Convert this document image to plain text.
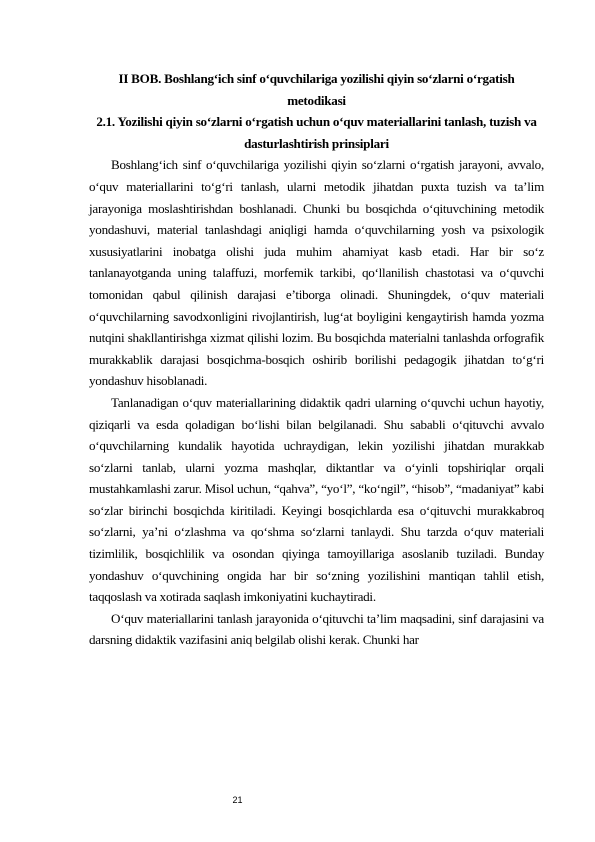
II BOB. Boshlang‘ich sinf o‘quvchilariga yozilishi qiyin so‘zlarni o‘rgatish metodikasi
2.1. Yozilishi qiyin so‘zlarni o‘rgatish uchun o‘quv materiallarini tanlash, tuzish va dasturlashtirish prinsiplari

Boshlang‘ich sinf o‘quvchilariga yozilishi qiyin so‘zlarni o‘rgatish jarayoni, avvalo, o‘quv materiallarini to‘g‘ri tanlash, ularni metodik jihatdan puxta tuzish va ta’lim jarayoniga moslashtirishdan boshlanadi. Chunki bu bosqichda o‘qituvchining metodik yondashuvi, material tanlashdagi aniqligi hamda o‘quvchilarning yosh va psixologik xususiyatlarini inobatga olishi juda muhim ahamiyat kasb etadi. Har bir so‘z tanlanayotganda uning talaffuzi, morfemik tarkibi, qo‘llanilish chastotasi va o‘quvchi tomonidan qabul qilinish darajasi e’tiborga olinadi. Shuningdek, o‘quv materiali o‘quvchilarning savodxonligini rivojlantirish, lug‘at boyligini kengaytirish hamda yozma nutqini shakllantirishga xizmat qilishi lozim. Bu bosqichda materialni tanlashda orfografik murakkablik darajasi bosqichma-bosqich oshirib borilishi pedagogik jihatdan to‘g‘ri yondashuv hisoblanadi.

Tanlanadigan o‘quv materiallarining didaktik qadri ularning o‘quvchi uchun hayotiy, qiziqarli va esda qoladigan bo‘lishi bilan belgilanadi. Shu sababli o‘qituvchi avvalo o‘quvchilarning kundalik hayotida uchraydigan, lekin yozilishi jihatdan murakkab so‘zlarni tanlab, ularni yozma mashqlar, diktantlar va o‘yinli topshiriqlar orqali mustahkamlashi zarur. Misol uchun, “qahva”, “yo‘l”, “ko‘ngil”, “hisob”, “madaniyat” kabi so‘zlar birinchi bosqichda kiritiladi. Keyingi bosqichlarda esa o‘qituvchi murakkabroq so‘zlarni, ya’ni o‘zlashma va qo‘shma so‘zlarni tanlaydi. Shu tarzda o‘quv materiali tizimlilik, bosqichlilik va osondan qiyinga tamoyillariga asoslanib tuziladi. Bunday yondashuv o‘quvchining ongida har bir so‘zning yozilishini mantiqan tahlil etish, taqqoslash va xotirada saqlash imkoniyatini kuchaytiradi.

O‘quv materiallarini tanlash jarayonida o‘qituvchi ta’lim maqsadini, sinf darajasini va darsning didaktik vazifasini aniq belgilab olishi kerak. Chunki har

21
